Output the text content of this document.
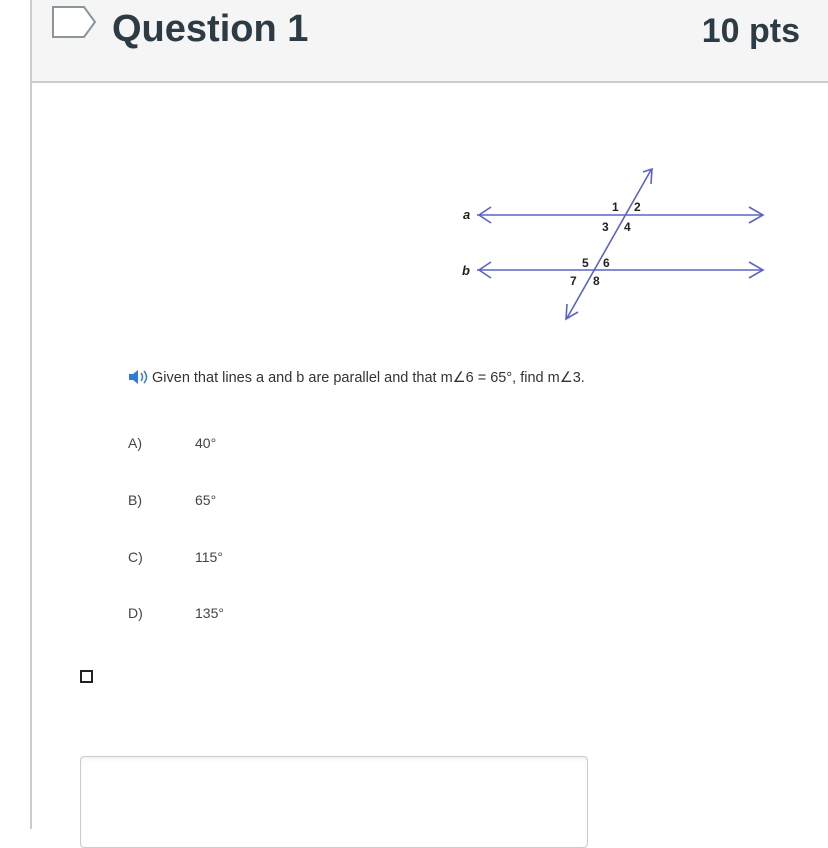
Question 1	10 pts
a
b
1 2
3 4
5 6
7 8
Given that lines a and b are parallel and that m∠6 = 65°, find m∠3.
A)	40°
B)	65°
C)	115°
D)	135°
